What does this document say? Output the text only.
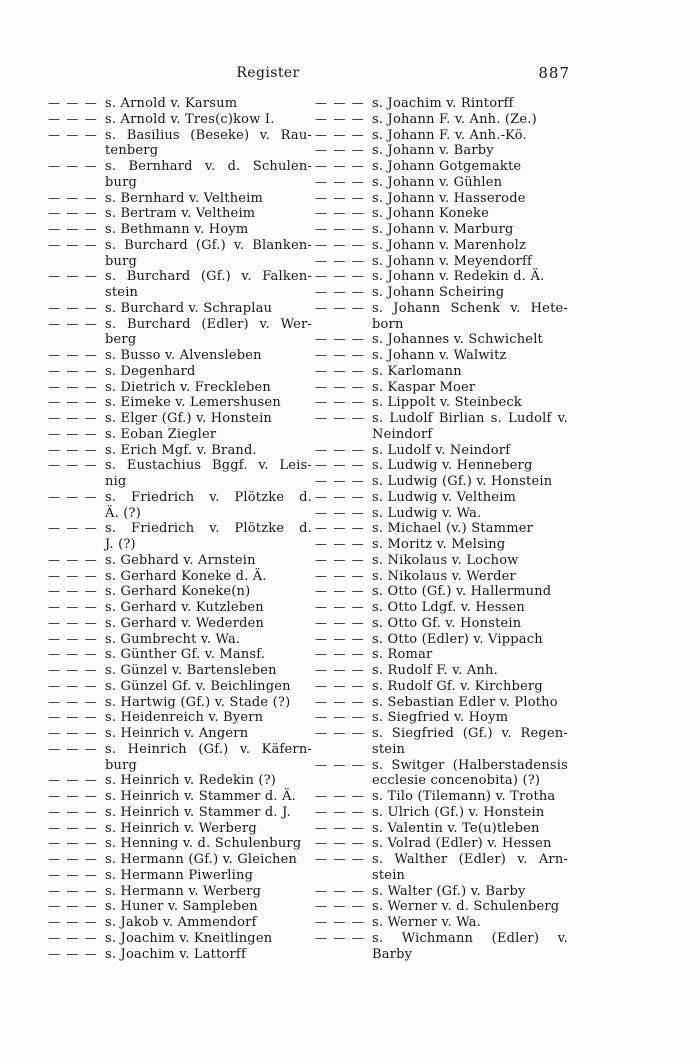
Register	887
— — — s. Arnold v. Karsum
— — — s. Arnold v. Tres(c)kow I.
— — — s. Basilius (Beseke) v. Rau-
tenberg
— — — s. Bernhard v. d. Schulen-
burg
— — — s. Bernhard v. Veltheim
— — — s. Bertram v. Veltheim
— — — s. Bethmann v. Hoym
— — — s. Burchard (Gf.) v. Blanken-
burg
— — — s. Burchard (Gf.) v. Falken-
stein
— — — s. Burchard v. Schraplau
— — — s. Burchard (Edler) v. Wer-
berg
— — — s. Busso v. Alvensleben
— — — s. Degenhard
— — — s. Dietrich v. Freckleben
— — — s. Eimeke v. Lemershusen
— — — s. Elger (Gf.) v. Honstein
— — — s. Eoban Ziegler
— — — s. Erich Mgf. v. Brand.
— — — s. Eustachius Bggf. v. Leis-
nig
— — — s. Friedrich v. Plötzke d.
Ä. (?)
— — — s. Friedrich v. Plötzke d.
J. (?)
— — — s. Gebhard v. Arnstein
— — — s. Gerhard Koneke d. Ä.
— — — s. Gerhard Koneke(n)
— — — s. Gerhard v. Kutzleben
— — — s. Gerhard v. Wederden
— — — s. Gumbrecht v. Wa.
— — — s. Günther Gf. v. Mansf.
— — — s. Günzel v. Bartensleben
— — — s. Günzel Gf. v. Beichlingen
— — — s. Hartwig (Gf.) v. Stade (?)
— — — s. Heidenreich v. Byern
— — — s. Heinrich v. Angern
— — — s. Heinrich (Gf.) v. Käfern-
burg
— — — s. Heinrich v. Redekin (?)
— — — s. Heinrich v. Stammer d. Ä.
— — — s. Heinrich v. Stammer d. J.
— — — s. Heinrich v. Werberg
— — — s. Henning v. d. Schulenburg
— — — s. Hermann (Gf.) v. Gleichen
— — — s. Hermann Piwerling
— — — s. Hermann v. Werberg
— — — s. Huner v. Sampleben
— — — s. Jakob v. Ammendorf
— — — s. Joachim v. Kneitlingen
— — — s. Joachim v. Lattorff
— — — s. Joachim v. Rintorff
— — — s. Johann F. v. Anh. (Ze.)
— — — s. Johann F. v. Anh.-Kö.
— — — s. Johann v. Barby
— — — s. Johann Gotgemakte
— — — s. Johann v. Gühlen
— — — s. Johann v. Hasserode
— — — s. Johann Koneke
— — — s. Johann v. Marburg
— — — s. Johann v. Marenholz
— — — s. Johann v. Meyendorff
— — — s. Johann v. Redekin d. Ä.
— — — s. Johann Scheiring
— — — s. Johann Schenk v. Hete-
born
— — — s. Johannes v. Schwichelt
— — — s. Johann v. Walwitz
— — — s. Karlomann
— — — s. Kaspar Moer
— — — s. Lippolt v. Steinbeck
— — — s. Ludolf Birlian s. Ludolf v.
Neindorf
— — — s. Ludolf v. Neindorf
— — — s. Ludwig v. Henneberg
— — — s. Ludwig (Gf.) v. Honstein
— — — s. Ludwig v. Veltheim
— — — s. Ludwig v. Wa.
— — — s. Michael (v.) Stammer
— — — s. Moritz v. Melsing
— — — s. Nikolaus v. Lochow
— — — s. Nikolaus v. Werder
— — — s. Otto (Gf.) v. Hallermund
— — — s. Otto Ldgf. v. Hessen
— — — s. Otto Gf. v. Honstein
— — — s. Otto (Edler) v. Vippach
— — — s. Romar
— — — s. Rudolf F. v. Anh.
— — — s. Rudolf Gf. v. Kirchberg
— — — s. Sebastian Edler v. Plotho
— — — s. Siegfried v. Hoym
— — — s. Siegfried (Gf.) v. Regen-
stein
— — — s. Switger (Halberstadensis
ecclesie concenobita) (?)
— — — s. Tilo (Tilemann) v. Trotha
— — — s. Ulrich (Gf.) v. Honstein
— — — s. Valentin v. Te(u)tleben
— — — s. Volrad (Edler) v. Hessen
— — — s. Walther (Edler) v. Arn-
stein
— — — s. Walter (Gf.) v. Barby
— — — s. Werner v. d. Schulenberg
— — — s. Werner v. Wa.
— — — s. Wichmann (Edler) v.
Barby
